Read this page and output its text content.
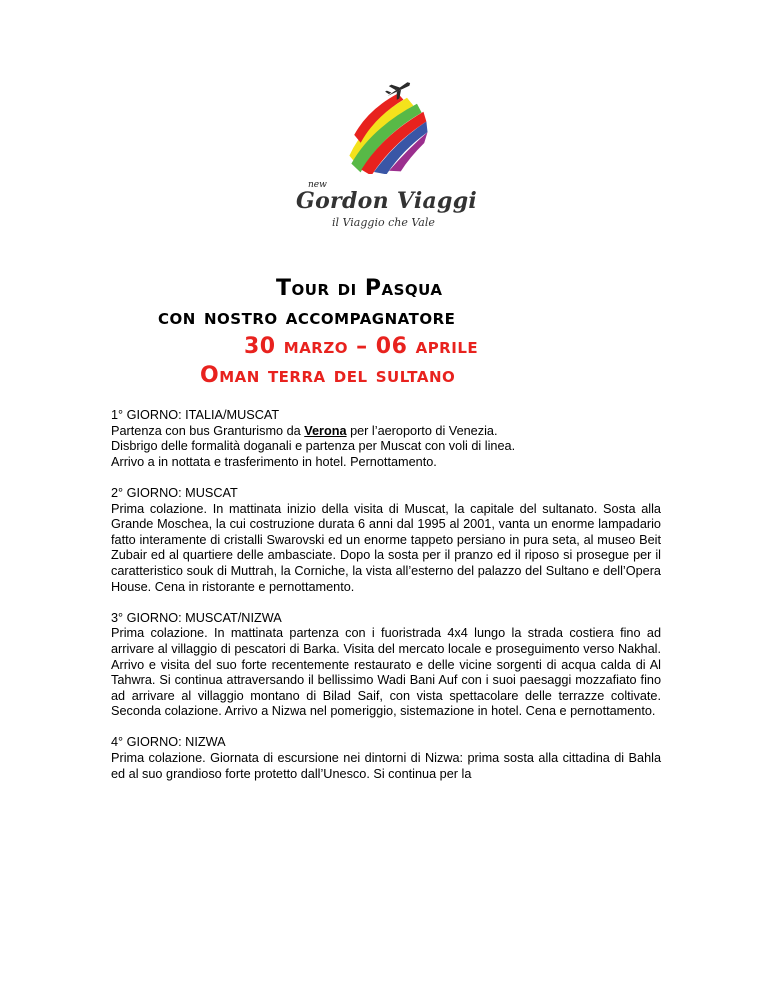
new
Gordon Viaggi
il Viaggio che Vale
Tour di Pasqua
con nostro accompagnatore
30 marzo – 06 aprile
Oman terra del sultano

1° GIORNO: ITALIA/MUSCAT

Partenza con bus Granturismo da Verona per l’aeroporto di Venezia.

Disbrigo delle formalità doganali e partenza per Muscat con voli di linea.

Arrivo a in nottata e trasferimento in hotel. Pernottamento.

2° GIORNO: MUSCAT

Prima colazione. In mattinata inizio della visita di Muscat, la capitale del sultanato. Sosta alla Grande Moschea, la cui costruzione durata 6 anni dal 1995 al 2001, vanta un enorme lampadario fatto interamente di cristalli Swarovski ed un enorme tappeto persiano in pura seta, al museo Beit Zubair ed al quartiere delle ambasciate. Dopo la sosta per il pranzo ed il riposo si prosegue per il caratteristico souk di Muttrah, la Corniche, la vista all’esterno del palazzo del Sultano e dell’Opera House. Cena in ristorante e pernottamento.

3° GIORNO: MUSCAT/NIZWA

Prima colazione. In mattinata partenza con i fuoristrada 4x4 lungo la strada costiera fino ad arrivare al villaggio di pescatori di Barka. Visita del mercato locale e proseguimento verso Nakhal. Arrivo e visita del suo forte recentemente restaurato e delle vicine sorgenti di acqua calda di Al Tahwra. Si continua attraversando il bellissimo Wadi Bani Auf con i suoi paesaggi mozzafiato fino ad arrivare al villaggio montano di Bilad Saif, con vista spettacolare delle terrazze coltivate. Seconda colazione. Arrivo a Nizwa nel pomeriggio, sistemazione in hotel. Cena e pernottamento.

4° GIORNO: NIZWA

Prima colazione. Giornata di escursione nei dintorni di Nizwa: prima sosta alla cittadina di Bahla ed al suo grandioso forte protetto dall’Unesco. Si continua per la
